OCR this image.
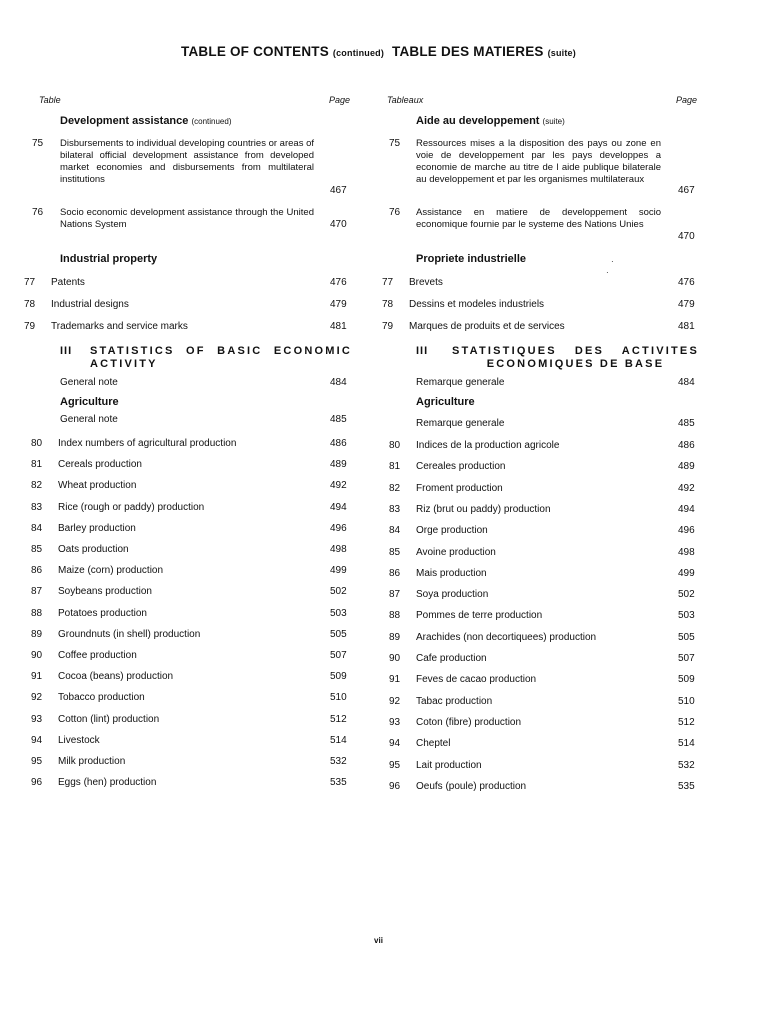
TABLE OF CONTENTS (continued) TABLE DES MATIERES (suite)
Table	Page	Tableaux	Page
Development assistance (continued)	Aide au developpement (suite)
75 Disbursements to individual developing countries or areas of bilateral official development assistance from developed market economies and disbursements from multilateral institutions
467
75 Ressources mises a la disposition des pays ou zone en voie de developpement par les pays developpes a economie de marche au titre de l aide publique bilaterale au developpement et par les organismes multilateraux
467
76 Socio economic development assistance through the United Nations System	470
76 Assistance en matiere de developpement socio economique fournie par le systeme des Nations Unies
470
Industrial property	Propriete industrielle	·
·
77 Patents	476	77 Brevets	476
78 Industrial designs	479	78 Dessins et modeles industriels	479
79 Trademarks and service marks	481	79 Marques de produits et de services	481
III STATISTICS OF BASIC ECONOMIC ACTIVITY
III STATISTIQUES DES ACTIVITES ECONOMIQUES DE BASE
General note	484	Remarque generale	484
Agriculture	Agriculture
General note	485	Remarque generale	485
80 Index numbers of agricultural production	486	80 Indices de la production agricole	486
81 Cereals production	489	81 Cereales production	489
82 Wheat production	492	82 Froment production	492
83 Rice (rough or paddy) production	494	83 Riz (brut ou paddy) production	494
84 Barley production	496	84 Orge production	496
85 Oats production	498	85 Avoine production	498
86 Maize (corn) production	499	86 Mais production	499
87 Soybeans production	502	87 Soya production	502
88 Potatoes production	503	88 Pommes de terre production	503
89 Groundnuts (in shell) production	505	89 Arachides (non decortiquees) production	505
90 Coffee production	507	90 Cafe production	507
91 Cocoa (beans) production	509	91 Feves de cacao production	509
92 Tobacco production	510	92 Tabac production	510
93 Cotton (lint) production	512	93 Coton (fibre) production	512
94 Livestock	514	94 Cheptel	514
95 Milk production	532	95 Lait production	532
96 Eggs (hen) production	535	96 Oeufs (poule) production	535
vii
